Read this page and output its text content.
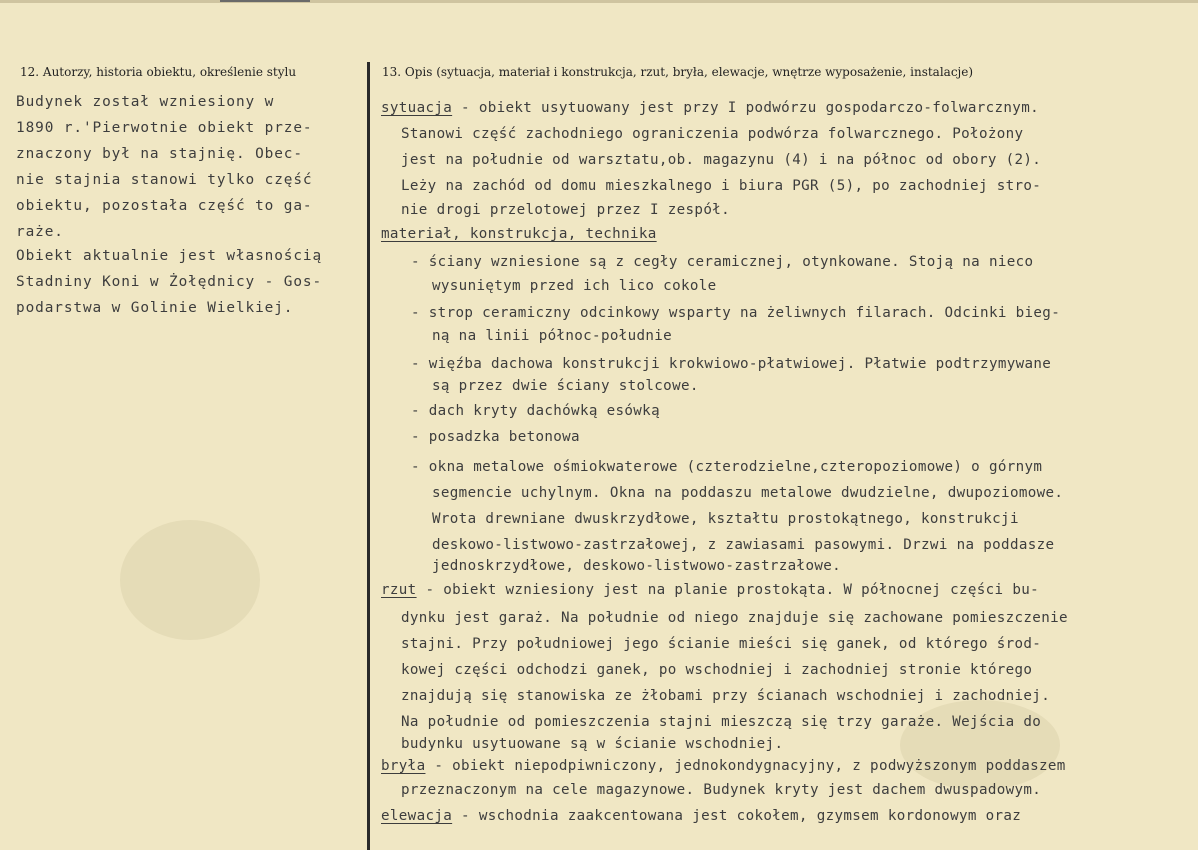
12. Autorzy, historia obiektu, określenie stylu	13. Opis (sytuacja, materiał i konstrukcja, rzut, bryła, elewacje, wnętrze wyposażenie, instalacje)
Budynek został wzniesiony w
1890 r.'Pierwotnie obiekt prze-
znaczony był na stajnię. Obec-
nie stajnia stanowi tylko część
obiektu, pozostała część to ga-
raże.
Obiekt aktualnie jest własnością
Stadniny Koni w Żołędnicy - Gos-
podarstwa w Golinie Wielkiej.
sytuacja - obiekt usytuowany jest przy I podwórzu gospodarczo-folwarcznym.
Stanowi część zachodniego ograniczenia podwórza folwarcznego. Położony
jest na południe od warsztatu,ob. magazynu (4) i na północ od obory (2).
Leży na zachód od domu mieszkalnego i biura PGR (5), po zachodniej stro-
nie drogi przelotowej przez I zespół.
materiał, konstrukcja, technika
- ściany wzniesione są z cegły ceramicznej, otynkowane. Stoją na nieco
wysuniętym przed ich lico cokole
- strop ceramiczny odcinkowy wsparty na żeliwnych filarach. Odcinki bieg-
ną na linii północ-południe
- więźba dachowa konstrukcji krokwiowo-płatwiowej. Płatwie podtrzymywane
są przez dwie ściany stolcowe.
- dach kryty dachówką esówką
- posadzka betonowa
- okna metalowe ośmiokwaterowe (czterodzielne,czteropoziomowe) o górnym
segmencie uchylnym. Okna na poddaszu metalowe dwudzielne, dwupoziomowe.
Wrota drewniane dwuskrzydłowe, kształtu prostokątnego, konstrukcji
deskowo-listwowo-zastrzałowej, z zawiasami pasowymi. Drzwi na poddasze
jednoskrzydłowe, deskowo-listwowo-zastrzałowe.
rzut - obiekt wzniesiony jest na planie prostokąta. W północnej części bu-
dynku jest garaż. Na południe od niego znajduje się zachowane pomieszczenie
stajni. Przy południowej jego ścianie mieści się ganek, od którego środ-
kowej części odchodzi ganek, po wschodniej i zachodniej stronie którego
znajdują się stanowiska ze żłobami przy ścianach wschodniej i zachodniej.
Na południe od pomieszczenia stajni mieszczą się trzy garaże. Wejścia do
budynku usytuowane są w ścianie wschodniej.
bryła - obiekt niepodpiwniczony, jednokondygnacyjny, z podwyższonym poddaszem
przeznaczonym na cele magazynowe. Budynek kryty jest dachem dwuspadowym.
elewacja - wschodnia zaakcentowana jest cokołem, gzymsem kordonowym oraz
